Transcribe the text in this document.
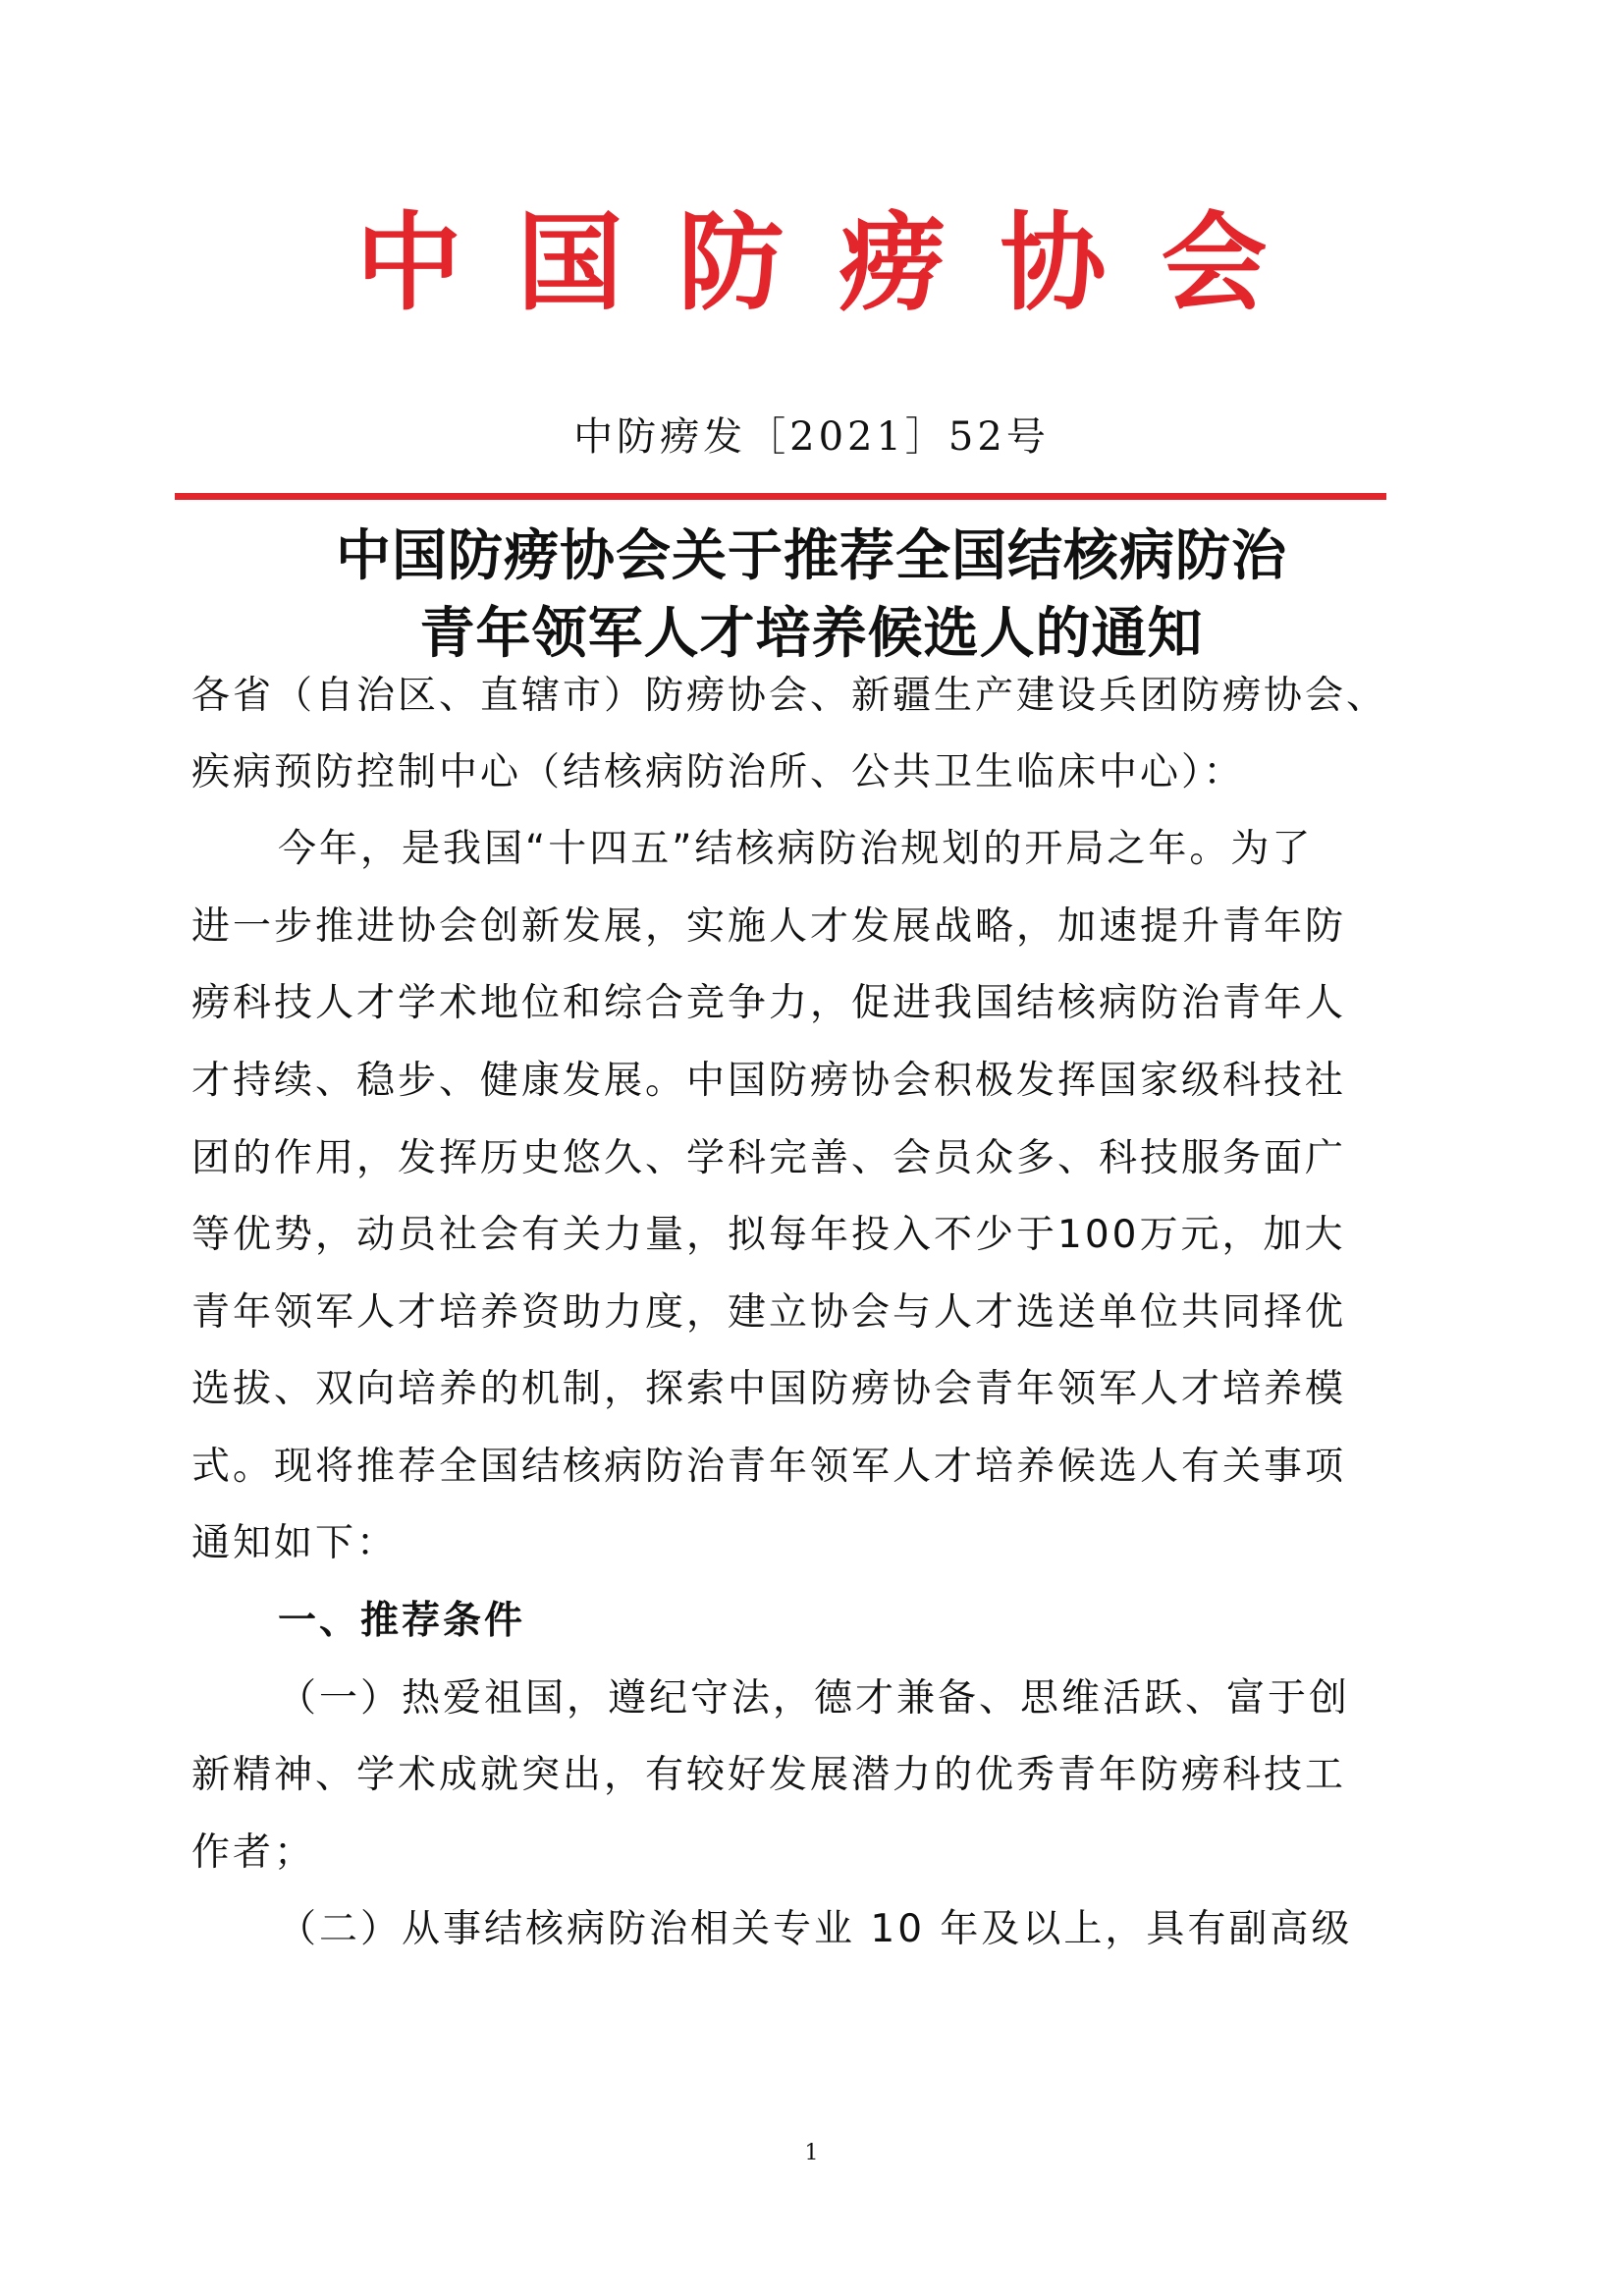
中国防痨协会
中防痨发［2021］52号
中国防痨协会关于推荐全国结核病防治
青年领军人才培养候选人的通知
各省（自治区、直辖市）防痨协会、新疆生产建设兵团防痨协会、
疾病预防控制中心（结核病防治所、公共卫生临床中心）：
今年，是我国“十四五”结核病防治规划的开局之年。为了
进一步推进协会创新发展，实施人才发展战略，加速提升青年防
痨科技人才学术地位和综合竞争力，促进我国结核病防治青年人
才持续、稳步、健康发展。中国防痨协会积极发挥国家级科技社
团的作用，发挥历史悠久、学科完善、会员众多、科技服务面广
等优势，动员社会有关力量，拟每年投入不少于100万元，加大
青年领军人才培养资助力度，建立协会与人才选送单位共同择优
选拔、双向培养的机制，探索中国防痨协会青年领军人才培养模
式。现将推荐全国结核病防治青年领军人才培养候选人有关事项
通知如下：
一、推荐条件
（一）热爱祖国，遵纪守法，德才兼备、思维活跃、富于创
新精神、学术成就突出，有较好发展潜力的优秀青年防痨科技工
作者；
（二）从事结核病防治相关专业 10 年及以上，具有副高级
1
